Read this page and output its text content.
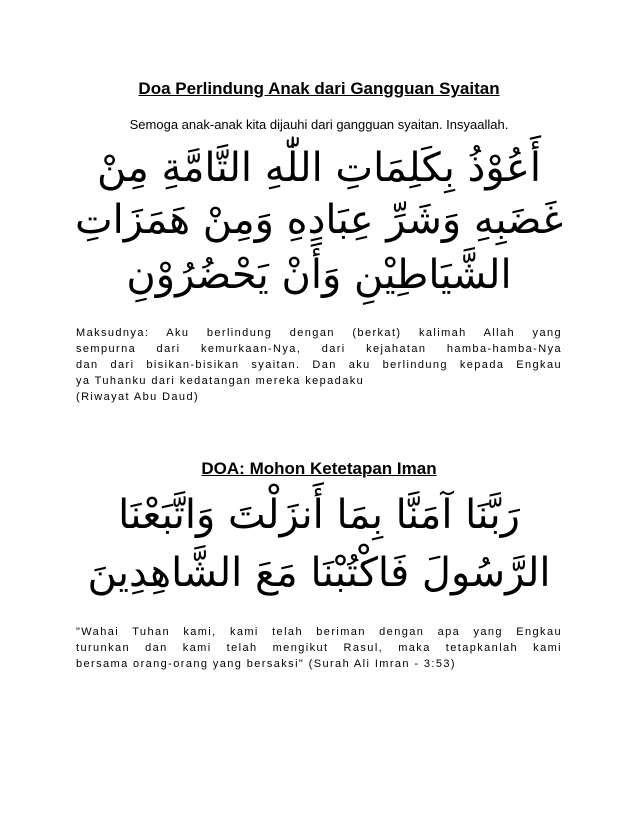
Doa Perlindung Anak dari Gangguan Syaitan

Semoga anak-anak kita dijauhi dari gangguan syaitan. Insyaallah.

أَعُوْذُ بِكَلِمَاتِ اللّٰهِ التَّامَّةِ مِنْ

غَضَبِهِ وَشَرِّ عِبَادِهِ وَمِنْ هَمَزَاتِ

الشَّيَاطِيْنِ وَأَنْ يَحْضُرُوْنِ

Maksudnya: Aku berlindung dengan (berkat) kalimah Allah yang
sempurna dari kemurkaan-Nya, dari kejahatan hamba-hamba-Nya
dan dari bisikan-bisikan syaitan. Dan aku berlindung kepada Engkau
ya Tuhanku dari kedatangan mereka kepadaku
(Riwayat Abu Daud)
DOA: Mohon Ketetapan Iman

رَبَّنَا آمَنَّا بِمَا أَنزَلْتَ وَاتَّبَعْنَا

الرَّسُولَ فَاكْتُبْنَا مَعَ الشَّاهِدِينَ

"Wahai Tuhan kami, kami telah beriman dengan apa yang Engkau
turunkan dan kami telah mengikut Rasul, maka tetapkanlah kami
bersama orang-orang yang bersaksi" (Surah Ali Imran - 3:53)
